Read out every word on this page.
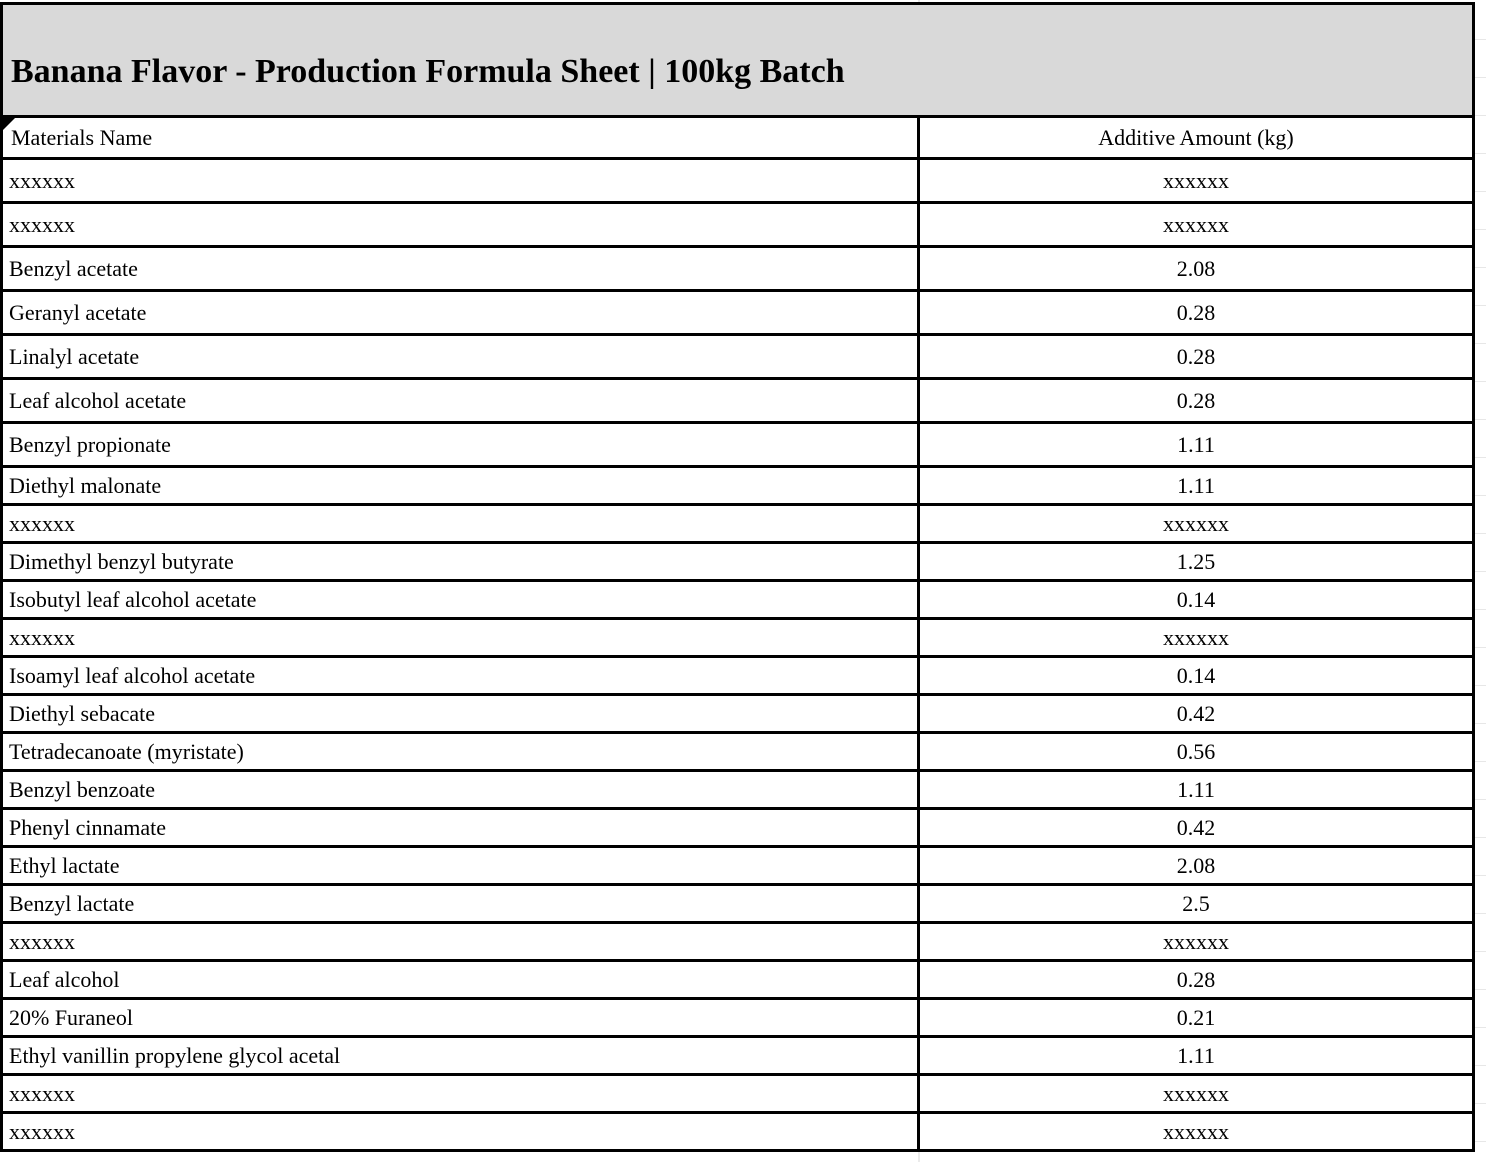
Banana Flavor - Production Formula Sheet | 100kg Batch
Materials Name	Additive Amount (kg)
xxxxxx	xxxxxx
xxxxxx	xxxxxx
Benzyl acetate	2.08
Geranyl acetate	0.28
Linalyl acetate	0.28
Leaf alcohol acetate	0.28
Benzyl propionate	1.11
Diethyl malonate	1.11
xxxxxx	xxxxxx
Dimethyl benzyl butyrate	1.25
Isobutyl leaf alcohol acetate	0.14
xxxxxx	xxxxxx
Isoamyl leaf alcohol acetate	0.14
Diethyl sebacate	0.42
Tetradecanoate (myristate)	0.56
Benzyl benzoate	1.11
Phenyl cinnamate	0.42
Ethyl lactate	2.08
Benzyl lactate	2.5
xxxxxx	xxxxxx
Leaf alcohol	0.28
20% Furaneol	0.21
Ethyl vanillin propylene glycol acetal	1.11
xxxxxx	xxxxxx
xxxxxx	xxxxxx
